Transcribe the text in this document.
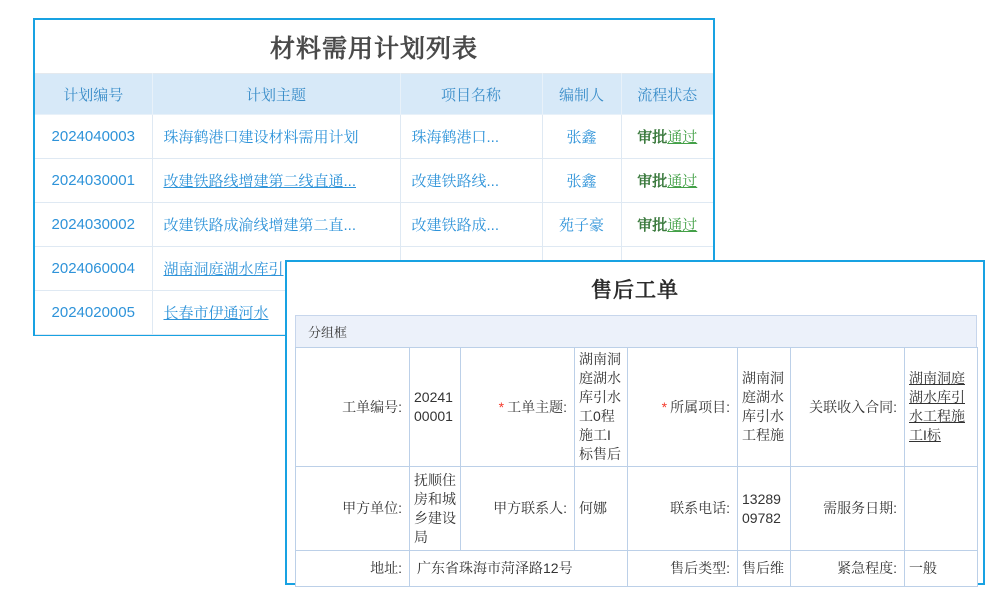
材料需用计划列表
计划编号	计划主题	项目名称	编制人	流程状态
2024040003	珠海鹤港口建设材料需用计划	珠海鹤港口...	张鑫	审批通过
2024030001	改建铁路线增建第二线直通...	改建铁路线...	张鑫	审批通过
2024030002	改建铁路成渝线增建第二直...	改建铁路成...	苑子豪	审批通过
2024060004	湖南洞庭湖水库引			
2024020005	长春市伊通河水			
售后工单
分组框
工单编号:	2024100001	* 工单主题:	湖南洞庭湖水库引水工0程施工I标售后	* 所属项目:	湖南洞庭湖水库引水工程施	关联收入合同:	湖南洞庭湖水库引水工程施工I标
甲方单位:	抚顺住房和城乡建设局	甲方联系人:	何娜	联系电话:	1328909782	需服务日期:	
地址:	广东省珠海市菏泽路12号			售后类型:	售后维	紧急程度:	一般
